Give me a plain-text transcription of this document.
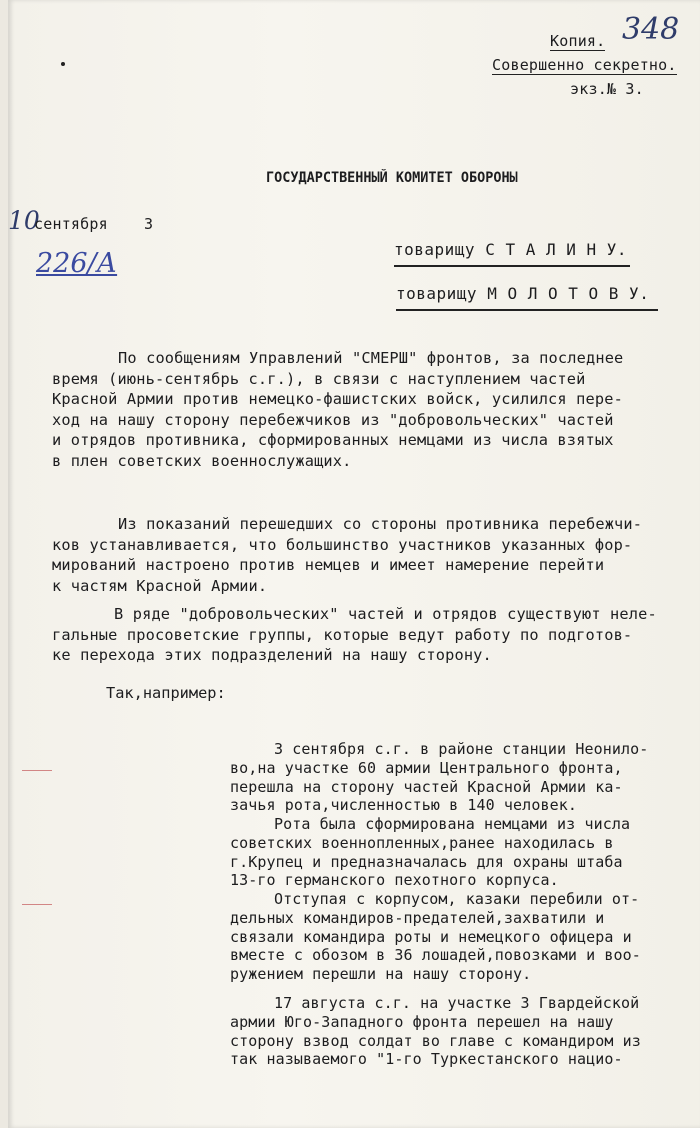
Копия. 348
Совершенно секретно.
экз.№ 3.
ГОСУДАРСТВЕННЫЙ КОМИТЕТ ОБОРОНЫ
10
сентября 3
226/А	товарищу С Т А Л И Н У.
товарищу М О Л О Т О В У.
По сообщениям Управлений "СМЕРШ" фронтов, за последнее
время (июнь-сентябрь с.г.), в связи с наступлением частей
Красной Армии против немецко-фашистских войск, усилился пере-
ход на нашу сторону перебежчиков из "добровольческих" частей
и отрядов противника, сформированных немцами из числа взятых
в плен советских военнослужащих.
Из показаний перешедших со стороны противника перебежчи-
ков устанавливается, что большинство участников указанных фор-
мирований настроено против немцев и имеет намерение перейти
к частям Красной Армии.
В ряде "добровольческих" частей и отрядов существуют неле-
гальные просоветские группы, которые ведут работу по подготов-
ке перехода этих подразделений на нашу сторону.
Так,например:
3 сентября с.г. в районе станции Неонило-
во,на участке 60 армии Центрального фронта,
перешла на сторону частей Красной Армии ка-
зачья рота,численностью в 140 человек.
Рота была сформирована немцами из числа
советских военнопленных,ранее находилась в
г.Крупец и предназначалась для охраны штаба
13-го германского пехотного корпуса.
Отступая с корпусом, казаки перебили от-
дельных командиров-предателей,захватили и
связали командира роты и немецкого офицера и
вместе с обозом в 36 лошадей,повозками и воо-
ружением перешли на нашу сторону.
17 августа с.г. на участке 3 Гвардейской
армии Юго-Западного фронта перешел на нашу
сторону взвод солдат во главе с командиром из
так называемого "1-го Туркестанского нацио-
